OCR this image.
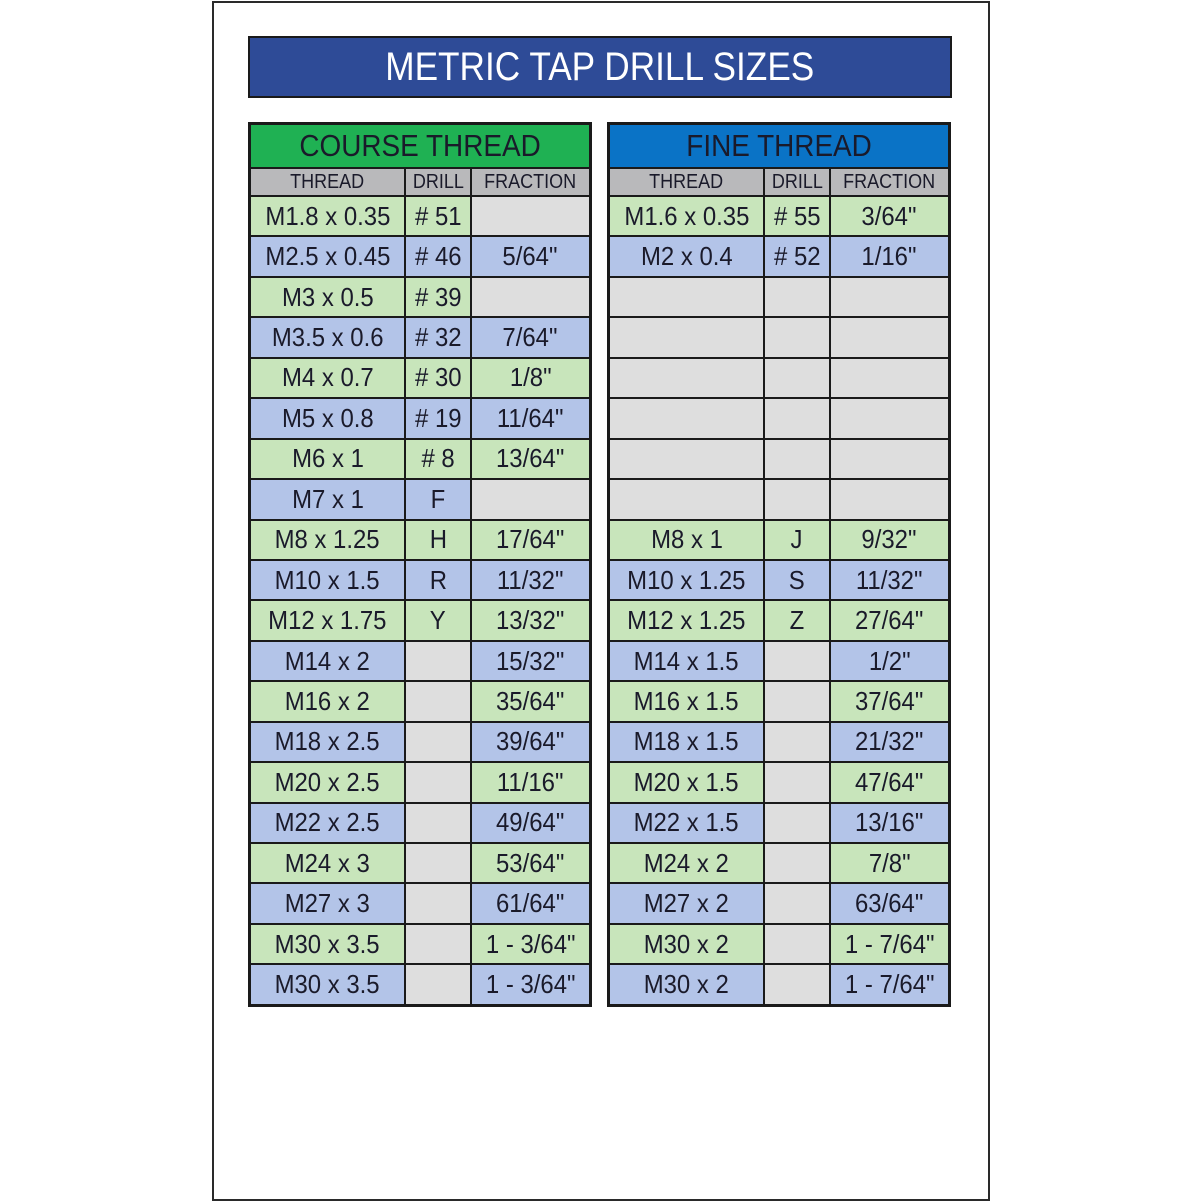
METRIC TAP DRILL SIZES
COURSE THREAD		
THREAD	DRILL	FRACTION
M1.8 x 0.35	# 51	
M2.5 x 0.45	# 46	5/64"
M3 x 0.5	# 39	
M3.5 x 0.6	# 32	7/64"
M4 x 0.7	# 30	1/8"
M5 x 0.8	# 19	11/64"
M6 x 1	# 8	13/64"
M7 x 1	F	
M8 x 1.25	H	17/64"
M10 x 1.5	R	11/32"
M12 x 1.75	Y	13/32"
M14 x 2		15/32"
M16 x 2		35/64"
M18 x 2.5		39/64"
M20 x 2.5		11/16"
M22 x 2.5		49/64"
M24 x 3		53/64"
M27 x 3		61/64"
M30 x 3.5		1 - 3/64"
M30 x 3.5		1 - 3/64"
FINE THREAD		
THREAD	DRILL	FRACTION
M1.6 x 0.35	# 55	3/64"
M2 x 0.4	# 52	1/16"

M8 x 1	J	9/32"
M10 x 1.25	S	11/32"
M12 x 1.25	Z	27/64"
M14 x 1.5		1/2"
M16 x 1.5		37/64"
M18 x 1.5		21/32"
M20 x 1.5		47/64"
M22 x 1.5		13/16"
M24 x 2		7/8"
M27 x 2		63/64"
M30 x 2		1 - 7/64"
M30 x 2		1 - 7/64"
